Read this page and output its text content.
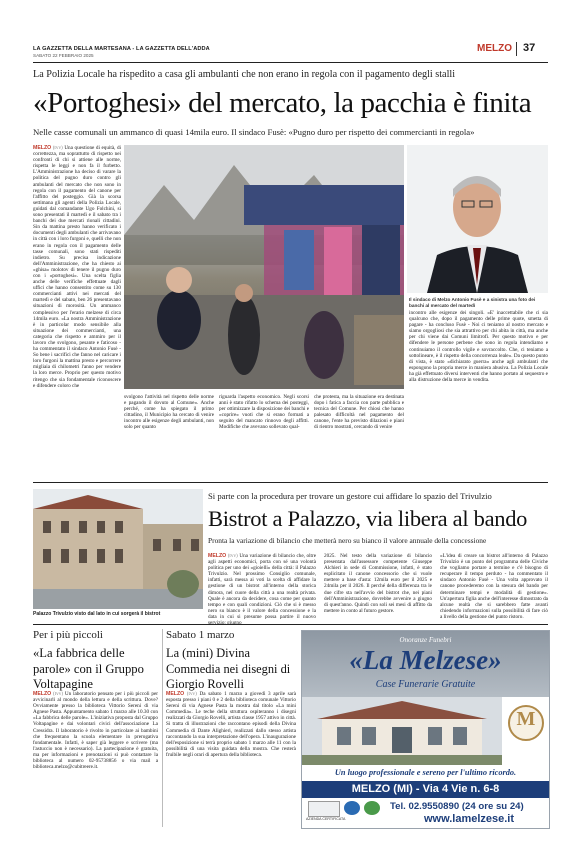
LA GAZZETTA DELLA MARTESANA - LA GAZZETTA DELL'ADDA
SABATO 22 FEBBRAIO 2025
MELZO 37
La Polizia Locale ha rispedito a casa gli ambulanti che non erano in regola con il pagamento degli stalli
«Portoghesi» del mercato, la pacchia è finita
Nelle casse comunali un ammanco di quasi 14mila euro. Il sindaco Fusè: «Pugno duro per rispetto dei commercianti in regola»
MELZO (tvv) Una questione di equità, di correttezza, ma soprattutto di rispetto nei confronti di chi si attiene alle norme, rispetta le leggi e non fa il furbetto. L'Amministrazione ha deciso di varare la politica del pugno duro contro gli ambulanti del mercato che non sono in regola con il pagamento del canone per l'affitto del posteggio. Già la scorsa settimana gli agenti della Polizia Locale, guidati dal comandante Ugo Folchini, si sono presentati il martedì e il sabato tra i banchi dei due mercati rionali cittadini. Sin da mattina presto hanno verificato i documenti degli ambulanti che arrivavano in città con i loro furgoni e, quelli che non erano in regola con il pagamento delle tasse comunali, sono stati rispediti indietro. Su precisa indicazione dell'Amministrazione, che ha chiesto ai «ghisa» molotov di tenere il pugno duro con i «portoghesi». Una scelta figlia anche delle verifiche effettuate dagli uffici che hanno consentito come su 130 commercianti attivi nei mercati del martedì e del sabato, ben 26 presentavano situazioni di morosità. Un ammanco complessivo per l'erario melzese di circa 14mila euro. «La nostra Amministrazione è in particolar modo sensibile alla situazione dei commercianti, una categoria che rispetto e ammiro per il lavoro che svolgono, pesante e faticoso - ha commentato il sindaco Antonio Fusè - So bene i sacrifici che fanno nel caricare i loro furgoni la mattina presto e percorrere migliaia di chilometri l'anno per vendere la loro merce. Proprio per questo motivo ritengo che sia fondamentale riconoscere e difendere coloro che
Il sindaco di Melzo Antonio Fusè e a sinistra una foto dei banchi al mercato del martedì
incontro alle esigenze dei singoli. «E' inaccettabile che ci sia qualcuno che, dopo il pagamento delle prime quote, smetta di pagare - ha concluso Fusè - Noi ci teniamo al nostro mercato e siamo orgogliosi che sia attrattivo per chi abita in città, ma anche per chi viene dai Comuni limitrofi. Per questo motivo e per difendere le persone perbene che sono in regola intendiamo e continuiamo il controllo vigile e sovraccolto. Che, ci teniamo a sottolineare, è il rispetto della concorrenza leale». Da questo punto di vista, è stato «dichiarato guerra» anche agli ambulanti che espongono la propria merce in maniera abusiva. La Polizia Locale ha già effettuato diversi interventi che hanno portato al sequestro e alla distruzione della merce in vendita.
svolgono l'attività nel rispetto delle norme e pagando il dovuto al Comune». Anche perché, come ha spiegato il primo cittadino, il Municipio ha cercato di venire incontro alle esigenze degli ambulanti, non solo per quanto
riguarda l'aspetto economico. Negli scorsi anni è stato rifatto lo schema dei posteggi, per ottimizzare la disposizione dei banchi e «coprire» vuoti che si erano formati a seguito del mancato rinnovo degli affitti. Modifiche che avevano sollevato qual-
che protesta, ma la situazione era destinata dopo i fatica a faccia con parte pubblica e tecnica del Comune. Per chiosi che hanno palesato difficoltà nel pagamento del canone, l'ente ha previsto dilazioni e piani di rientro mostrati, cercando di venire
Palazzo Trivulzio visto dal lato in cui sorgerà il bistrot
Si parte con la procedura per trovare un gestore cui affidare lo spazio del Trivulzio
Bistrot a Palazzo, via libera al bando
Pronta la variazione di bilancio che metterà nero su bianco il valore annuale della concessione
MELZO (tvv) Una variazione di bilancio che, oltre agli aspetti economici, porta con sé una volontà politica per uno dei «gioielli» della città: il Palazzo Trivulzio. Nel prossimo Consiglio comunale, infatti, sarà messa ai voti la scelta di affidare la gestione di un bistrot all'interno della storica dimora, nel cuore della città a una realtà privata. Quale è ancora da decidere, cosa come per quanto tempo e con quali condizioni. Ciò che si è messo nero su bianco è il valore della concessione e la data in cui si presume possa partire il nuovo
2025. Nel testo della variazione di bilancio presentata dall'assessore competente Giuseppe Alchieri in sede di Commissione, infatti, è stato esplicitato il canone concessorio che si vuole mettere a base d'asta: 12mila euro per il 2025 e 24mila per il 2026. Il perché della differenza tra le due cifre sta nell'avvio del bistrot che, nei piani dell'Amministrazione, dovrebbe avvenire a giugno di quest'anno. Quindi con soli sei mesi di affitto da mettere in conto al futuro gestore.
«L'idea di creare un bistrot all'interno di Palazzo Trivulzio è un punto del programma delle Civiche che vogliamo portare a termine e c'è bisogno di recuperare il tempo perduto - ha commentato il sindaco Antonio Fusè - Una volta approvato il canone procederemo con la stesura del bando per determinare tempi e modalità di gestione». Un'apertura figlia anche dell'interesse dimostrato da alcune realtà che si sarebbero fatte avanti chiedendo informazioni sulla possibilità di fare ciò a livello della gestione del punto ristoro.
Per i più piccoli
«La fabbrica delle parole» con il Gruppo Voltapagine
MELZO (tvv) Un laboratorio pensato per i più piccoli per avvicinarli al mondo della lettura e della scrittura. Dove? Ovviamente presso la biblioteca Vittorio Sereni di via Agnese Pasta. Appuntamento sabato 1 marzo alle 10.30 con «La fabbrica delle parole». L'iniziativa proposta dal Gruppo Voltapagine e dai volontari civici dell'associazione La Cressidra. Il laboratorio è rivolto in particolare ai bambini che frequentano la scuola elementare in prerogativa fondamentale. Infatti, è saper già leggere e scrivere (ma l'astuccio non è necessario). La partecipazione è gratuita, ma per informazioni e prenotazioni si può contattare la biblioteca al numero 02-95738856 o via mail a biblioteca.melzo@cubitreere.it.
Sabato 1 marzo
La (mini) Divina Commedia nei disegni di Giorgio Rovelli
MELZO (tvv) Da sabato 1 marzo a giovedì 3 aprile sarà esposta presso i piani 0 e 2 della biblioteca comunale Vittorio Sereni di via Agnese Pasta la mostra dal titolo «La mini Commedia». Le teche della struttura ospiteranno i disegni realizzati da Giorgio Rovelli, artista classe 1957 attivo in città. Si tratta di illustrazioni che raccontano episodi della Divina Commedia di Dante Alighieri, realizzati dallo stesso artista raccontando la sua interpretazione dell'opera. L'inaugurazione dell'esposizione si terrà proprio sabato 1 marzo alle 11 con la possibilità di una visita guidata della mostra. Che resterà fruibile negli orari di apertura della biblioteca.
Onoranze Funebri
«La Melzese»
Case Funerarie Gratuite
M
Un luogo professionale e sereno per l'ultimo ricordo.
MELZO (MI) - Via 4 Vie n. 6-8
AZIENDA CERTIFICATA
Tel. 02.9550890 (24 ore su 24)
www.lamelzese.it
